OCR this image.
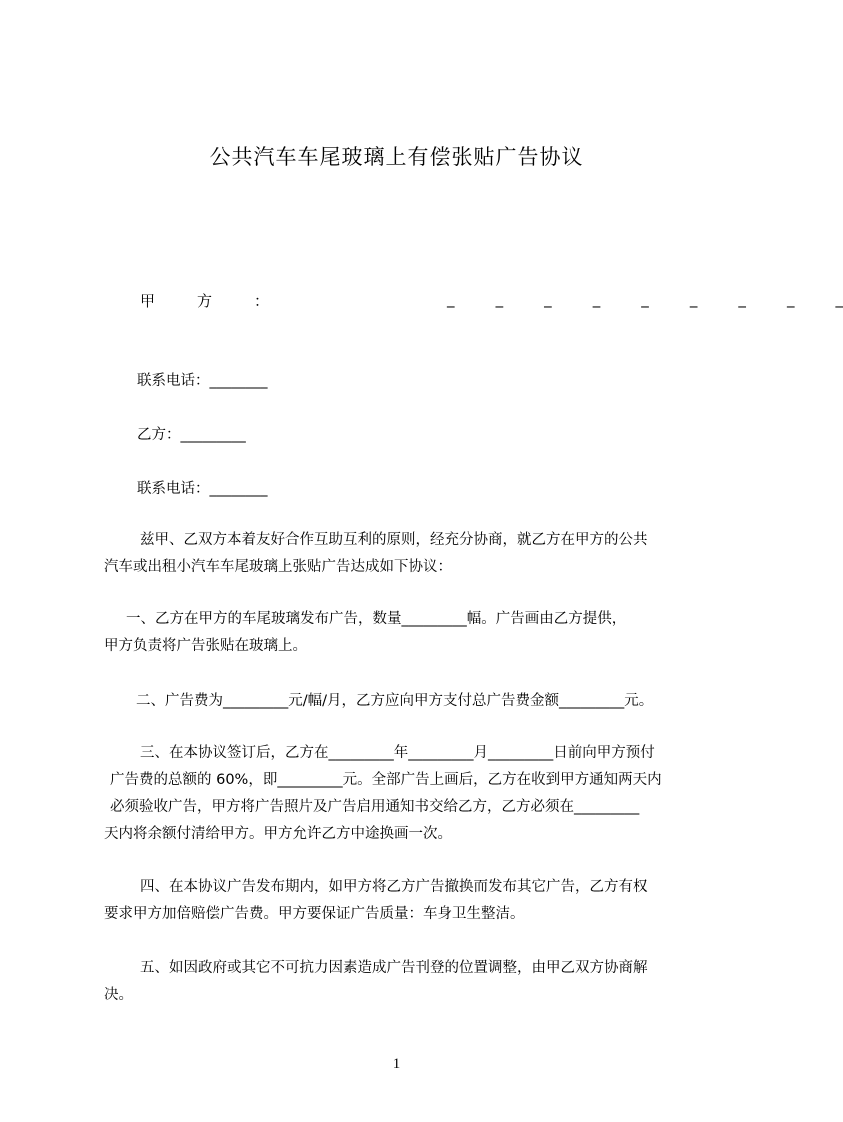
公共汽车车尾玻璃上有偿张贴广告协议
甲	方	：	_	_	_	_	_	_	_	_	_
联系电话：________
乙方：_________
联系电话：________
兹甲、乙双方本着友好合作互助互利的原则，经充分协商，就乙方在甲方的公共
汽车或出租小汽车车尾玻璃上张贴广告达成如下协议：
一、乙方在甲方的车尾玻璃发布广告，数量_________幅。广告画由乙方提供，
甲方负责将广告张贴在玻璃上。
二、广告费为_________元/幅/月，乙方应向甲方支付总广告费金额_________元。
三、在本协议签订后，乙方在_________年_________月_________日前向甲方预付
广告费的总额的 60%，即_________元。全部广告上画后，乙方在收到甲方通知两天内
必须验收广告，甲方将广告照片及广告启用通知书交给乙方，乙方必须在_________
天内将余额付清给甲方。甲方允许乙方中途换画一次。
四、在本协议广告发布期内，如甲方将乙方广告撤换而发布其它广告，乙方有权
要求甲方加倍赔偿广告费。甲方要保证广告质量：车身卫生整洁。
五、如因政府或其它不可抗力因素造成广告刊登的位置调整，由甲乙双方协商解
决。
1
